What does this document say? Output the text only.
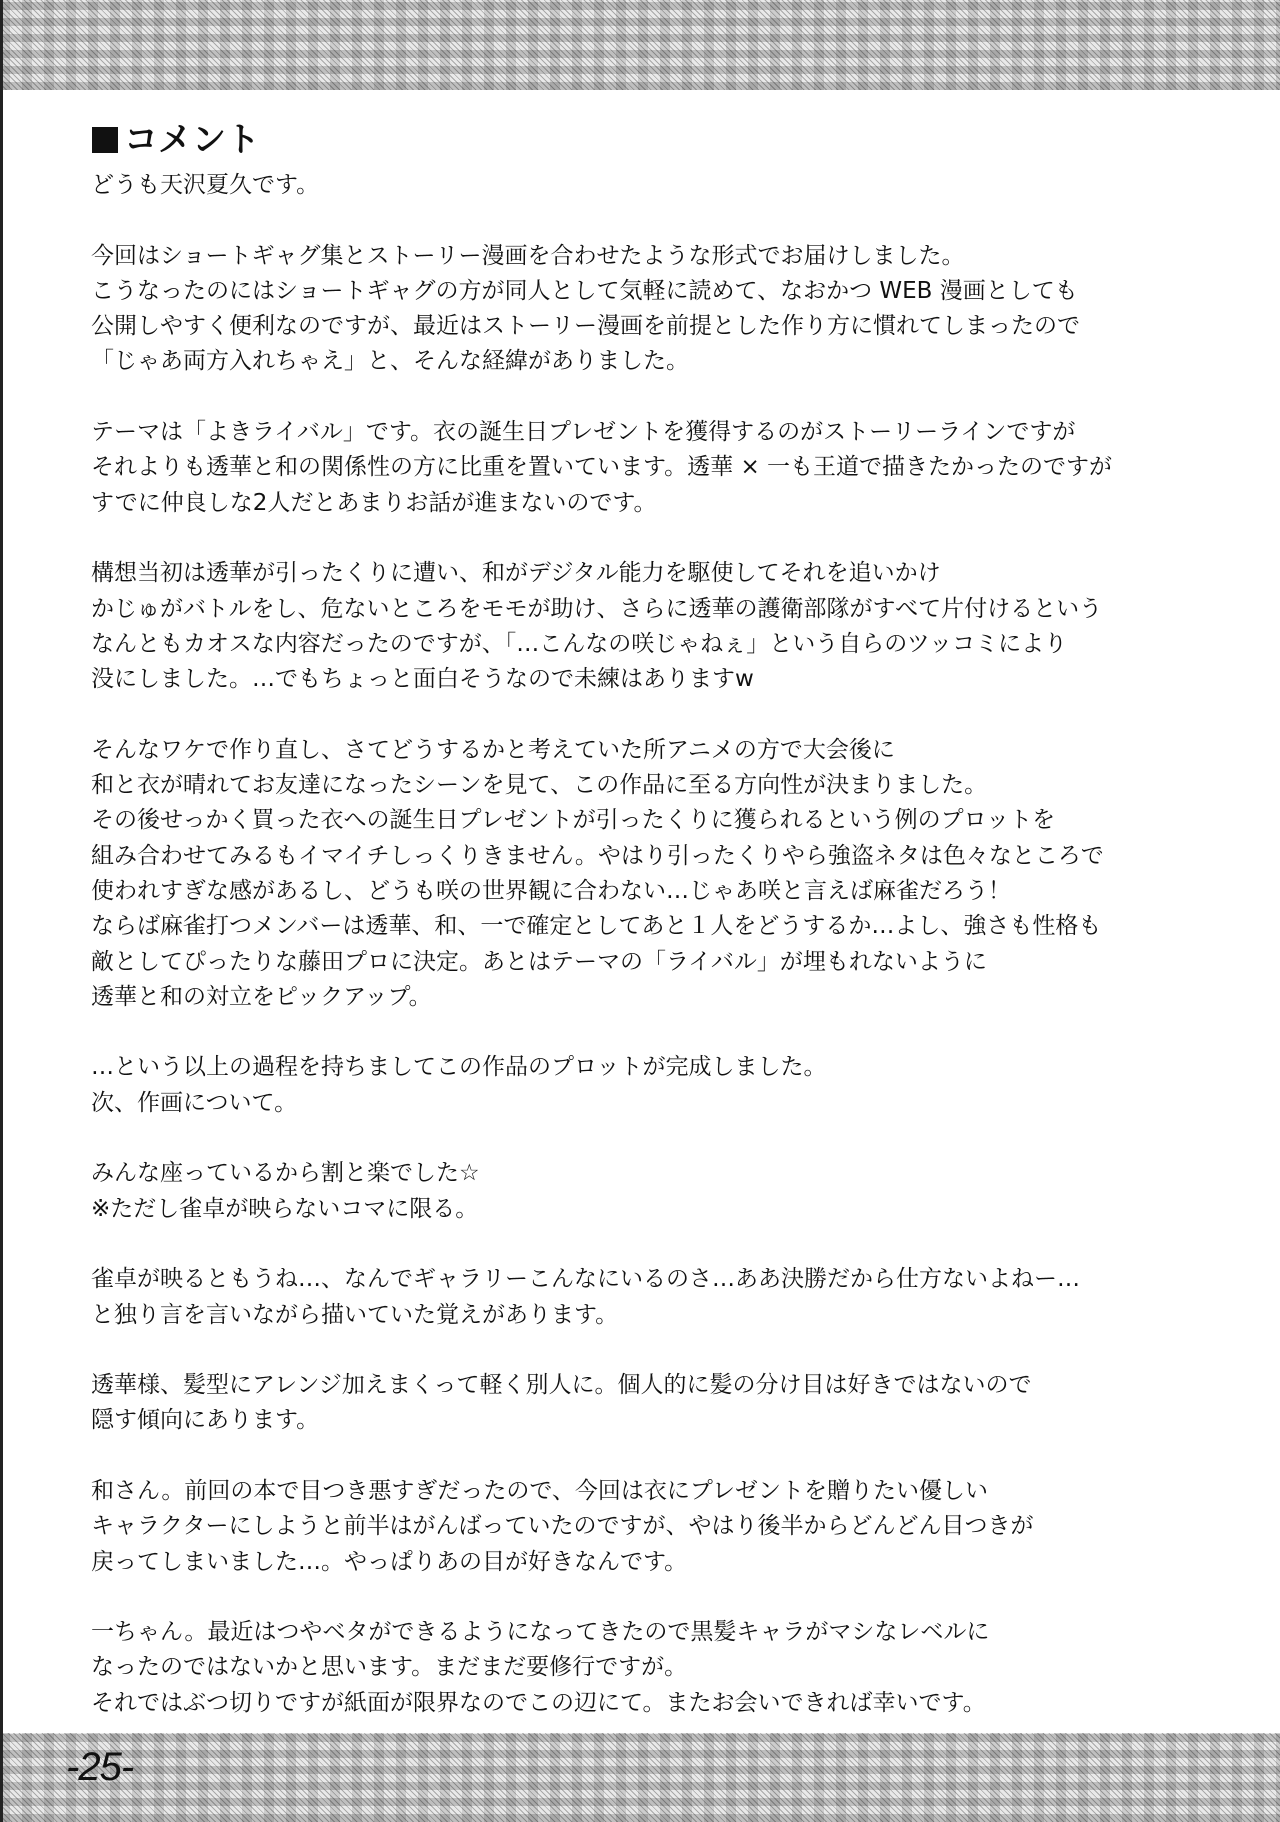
コメント
どうも天沢夏久です。
今回はショートギャグ集とストーリー漫画を合わせたような形式でお届けしました。
こうなったのにはショートギャグの方が同人として気軽に読めて、なおかつ WEB 漫画としても
公開しやすく便利なのですが、最近はストーリー漫画を前提とした作り方に慣れてしまったので
「じゃあ両方入れちゃえ」と、そんな経緯がありました。
テーマは「よきライバル」です。衣の誕生日プレゼントを獲得するのがストーリーラインですが
それよりも透華と和の関係性の方に比重を置いています。透華 × 一も王道で描きたかったのですが
すでに仲良しな2人だとあまりお話が進まないのです。
構想当初は透華が引ったくりに遭い、和がデジタル能力を駆使してそれを追いかけ
かじゅがバトルをし、危ないところをモモが助け、さらに透華の護衛部隊がすべて片付けるという
なんともカオスな内容だったのですが、「…こんなの咲じゃねぇ」という自らのツッコミにより
没にしました。…でもちょっと面白そうなので未練はありますw
そんなワケで作り直し、さてどうするかと考えていた所アニメの方で大会後に
和と衣が晴れてお友達になったシーンを見て、この作品に至る方向性が決まりました。
その後せっかく買った衣への誕生日プレゼントが引ったくりに獲られるという例のプロットを
組み合わせてみるもイマイチしっくりきません。やはり引ったくりやら強盗ネタは色々なところで
使われすぎな感があるし、どうも咲の世界観に合わない…じゃあ咲と言えば麻雀だろう！
ならば麻雀打つメンバーは透華、和、一で確定としてあと１人をどうするか…よし、強さも性格も
敵としてぴったりな藤田プロに決定。あとはテーマの「ライバル」が埋もれないように
透華と和の対立をピックアップ。
…という以上の過程を持ちましてこの作品のプロットが完成しました。
次、作画について。
みんな座っているから割と楽でした☆
※ただし雀卓が映らないコマに限る。
雀卓が映るともうね…、なんでギャラリーこんなにいるのさ…ああ決勝だから仕方ないよねー…
と独り言を言いながら描いていた覚えがあります。
透華様、髪型にアレンジ加えまくって軽く別人に。個人的に髪の分け目は好きではないので
隠す傾向にあります。
和さん。前回の本で目つき悪すぎだったので、今回は衣にプレゼントを贈りたい優しい
キャラクターにしようと前半はがんばっていたのですが、やはり後半からどんどん目つきが
戻ってしまいました…。やっぱりあの目が好きなんです。
一ちゃん。最近はつやベタができるようになってきたので黒髪キャラがマシなレベルに
なったのではないかと思います。まだまだ要修行ですが。
それではぶつ切りですが紙面が限界なのでこの辺にて。またお会いできれば幸いです。
-25-
